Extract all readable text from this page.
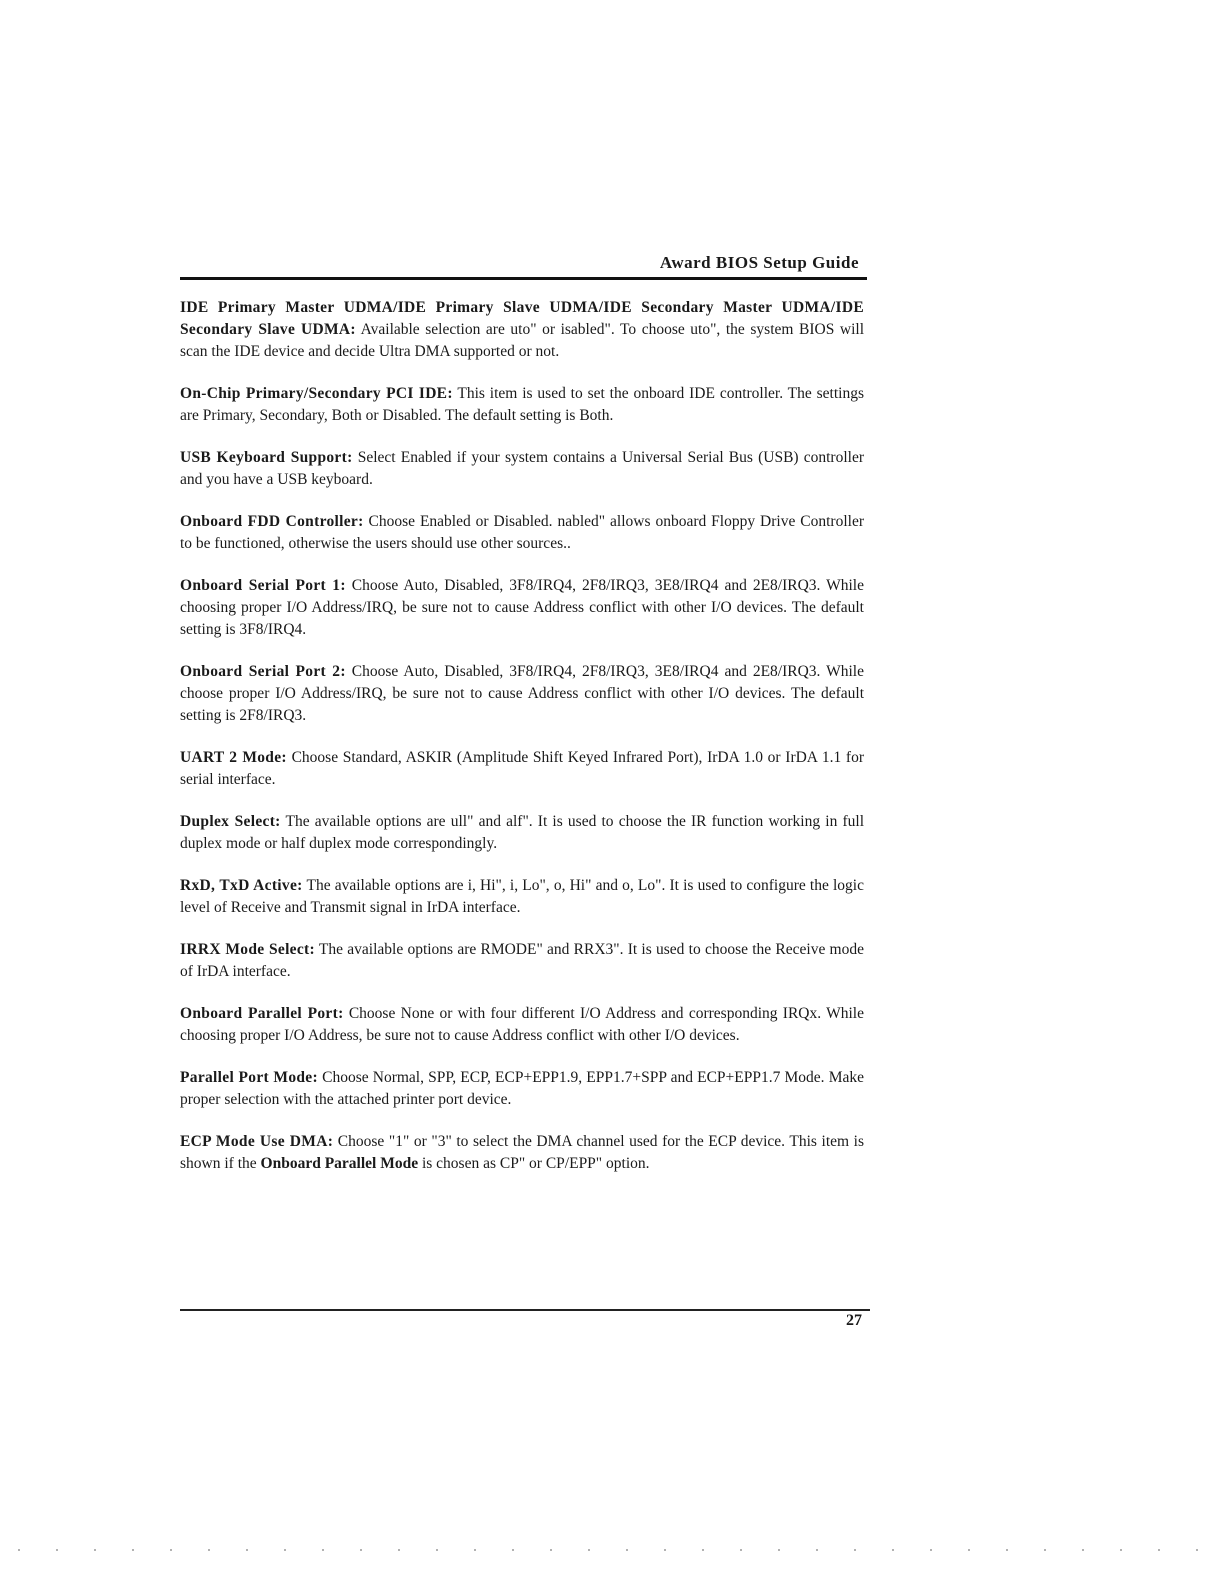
Award BIOS Setup Guide

IDE Primary Master UDMA/IDE Primary Slave UDMA/IDE Secondary Master UDMA/IDE Secondary Slave UDMA: Available selection are uto" or isabled". To choose uto", the system BIOS will scan the IDE device and decide Ultra DMA supported or not.

On-Chip Primary/Secondary PCI IDE: This item is used to set the onboard IDE controller. The settings are Primary, Secondary, Both or Disabled. The default setting is Both.

USB Keyboard Support: Select Enabled if your system contains a Universal Serial Bus (USB) controller and you have a USB keyboard.

Onboard FDD Controller: Choose Enabled or Disabled. nabled" allows onboard Floppy Drive Controller to be functioned, otherwise the users should use other sources..

Onboard Serial Port 1: Choose Auto, Disabled, 3F8/IRQ4, 2F8/IRQ3, 3E8/IRQ4 and 2E8/IRQ3. While choosing proper I/O Address/IRQ, be sure not to cause Address conflict with other I/O devices. The default setting is 3F8/IRQ4.

Onboard Serial Port 2: Choose Auto, Disabled, 3F8/IRQ4, 2F8/IRQ3, 3E8/IRQ4 and 2E8/IRQ3. While choose proper I/O Address/IRQ, be sure not to cause Address conflict with other I/O devices. The default setting is 2F8/IRQ3.

UART 2 Mode: Choose Standard, ASKIR (Amplitude Shift Keyed Infrared Port), IrDA 1.0 or IrDA 1.1 for serial interface.

Duplex Select: The available options are ull" and alf". It is used to choose the IR function working in full duplex mode or half duplex mode correspondingly.

RxD, TxD Active: The available options are i, Hi", i, Lo", o, Hi" and o, Lo". It is used to configure the logic level of Receive and Transmit signal in IrDA interface.

IRRX Mode Select: The available options are RMODE" and RRX3". It is used to choose the Receive mode of IrDA interface.

Onboard Parallel Port: Choose None or with four different I/O Address and corresponding IRQx. While choosing proper I/O Address, be sure not to cause Address conflict with other I/O devices.

Parallel Port Mode: Choose Normal, SPP, ECP, ECP+EPP1.9, EPP1.7+SPP and ECP+EPP1.7 Mode. Make proper selection with the attached printer port device.

ECP Mode Use DMA: Choose "1" or "3" to select the DMA channel used for the ECP device. This item is shown if the Onboard Parallel Mode is chosen as CP" or CP/EPP" option.

27
